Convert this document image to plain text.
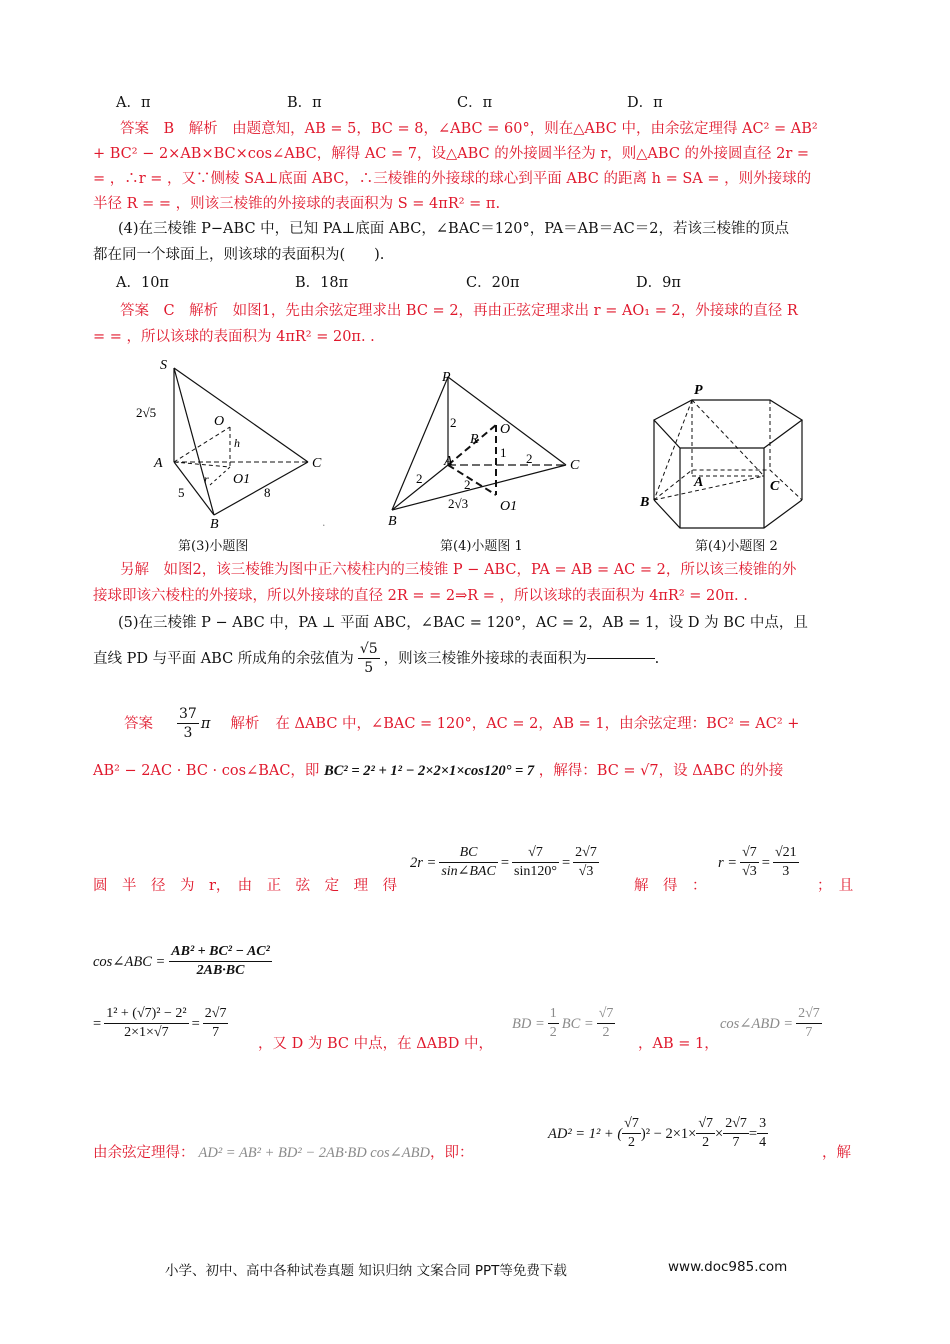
A．π	B．π	C．π	D．π
答案　B　解析　由题意知，AB = 5，BC = 8，∠ABC = 60°，则在△ABC 中，由余弦定理得 AC² = AB²
+ BC² − 2×AB×BC×cos∠ABC，解得 AC = 7，设△ABC 的外接圆半径为 r，则△ABC 的外接圆直径 2r =
= ，∴r = ，又∵侧棱 SA⊥底面 ABC，∴三棱锥的外接球的球心到平面 ABC 的距离 h = SA = ，则外接球的
半径 R = = ，则该三棱锥的外接球的表面积为 S = 4πR² = π.
(4)在三棱锥 P−ABC 中，已知 PA⊥底面 ABC，∠BAC＝120°，PA＝AB＝AC＝2，若该三棱锥的顶点
都在同一个球面上，则该球的表面积为(　　).
A．10π	B．18π	C．20π	D．9π
答案　C　解析　如图1，先由余弦定理求出 BC = 2，再由正弦定理求出 r = AO₁ = 2，外接球的直径 R
= = ，所以该球的表面积为 4πR² = 20π. .
S
A
B
C
O
O1
h
r
2√5
5	8
第(3)小题图
P
A
B
C
O
O1
R
1
2
2
2	2
2√3
第(4)小题图 1
.
P
A
B
C
第(4)小题图 2
另解　如图2，该三棱锥为图中正六棱柱内的三棱锥 P − ABC，PA = AB = AC = 2，所以该三棱锥的外
接球即该六棱柱的外接球，所以外接球的直径 2R = = 2⇒R = ，所以该球的表面积为 4πR² = 20π. .
(5)在三棱锥 P − ABC 中，PA ⊥ 平面 ABC，∠BAC = 120°，AC = 2，AB = 1，设 D 为 BC 中点，且
直线 PD 与平面 ABC 所成角的余弦值为 $\frac{√5}{5}$ ，则该三棱锥外接球的表面积为	.
答案 $\frac{37}{3}$ π 解析 在 ΔABC 中，∠BAC = 120°，AC = 2，AB = 1，由余弦定理：BC² = AC² +
AB² − 2AC · BC · cos∠BAC，即 BC² = 2² + 1² − 2×2×1×cos120° = 7 ，解得：BC = √7，设 ΔABC 的外接
圆　半　径　为　r，　由　正　弦　定　理　得
$2r = \frac{BC}{\text{sin∠BAC}} = \frac{√7}{\sin 120^\circ} = \frac{2√7}{√3}$
解　得　：
$r = \frac{√7}{√3} = \frac{√21}{3}$
；　且
cos∠ABC = $\frac{\text{AB² + BC² − AC²}}{2AB\cdot BC}$
= $\frac{\text{1² + (√7)² − 2²}}{2\times 1\times√7} = \frac{2√7}{7}$
，又 D 为 BC 中点，在 ΔABD 中，
BD = $\frac{1}{2}$ BC = $\frac{√7}{2}$
，AB = 1，
cos∠ABD = $\frac{2√7}{7}$
由余弦定理得： AD² = AB² + BD² − 2AB·BD cos∠ABD ，即：
AD² = 1² + ( $\frac{√7}{2} )^2 - 2\times 1\times \frac{√7}{2} \times \frac{2√7}{7} = \frac{3}{4}$
，解
小学、初中、高中各种试卷真题 知识归纳 文案合同 PPT等免费下载	www.doc985.com
